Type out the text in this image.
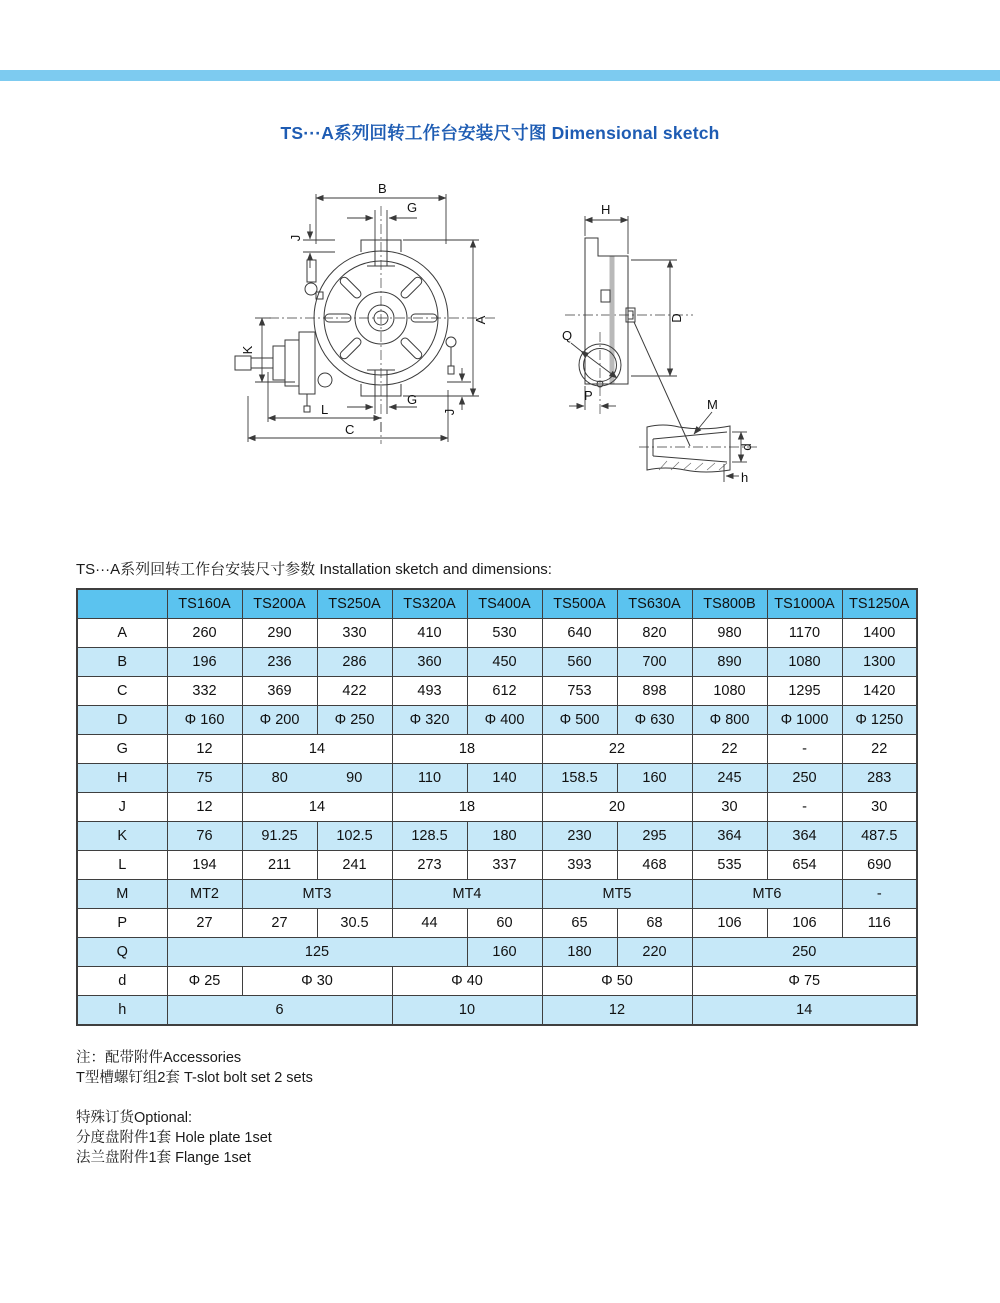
TS···A系列回转工作台安装尺寸图 Dimensional sketch
B
G
J
A
K
G
J
L
C
H
D
Q
P
M
d
h
TS···A系列回转工作台安装尺寸参数 Installation sketch and dimensions:
	TS160A	TS200A	TS250A	TS320A	TS400A	TS500A	TS630A	TS800B	TS1000A	TS1250A
A	260	290	330	410	530	640	820	980	1170	1400
B	196	236	286	360	450	560	700	890	1080	1300
C	332	369	422	493	612	753	898	1080	1295	1420
D	Φ 160	Φ 200	Φ 250	Φ 320	Φ 400	Φ 500	Φ 630	Φ 800	Φ 1000	Φ 1250
G	12	14		18		22		22	-	22
H	75	80	90	110	140	158.5	160	245	250	283
J	12	14		18		20		30	-	30
K	76	91.25	102.5	128.5	180	230	295	364	364	487.5
L	194	211	241	273	337	393	468	535	654	690
M	MT2	MT3		MT4		MT5		MT6		-
P	27	27	30.5	44	60	65	68	106	106	116
Q	125				160	180	220	250		
d	Φ 25	Φ 30		Φ 40		Φ 50		Φ 75		
h	6			10		12		14		
注：配带附件Accessories
T型槽螺钉组2套 T-slot bolt set 2 sets
特殊订货Optional:
分度盘附件1套 Hole plate 1set
法兰盘附件1套 Flange 1set
